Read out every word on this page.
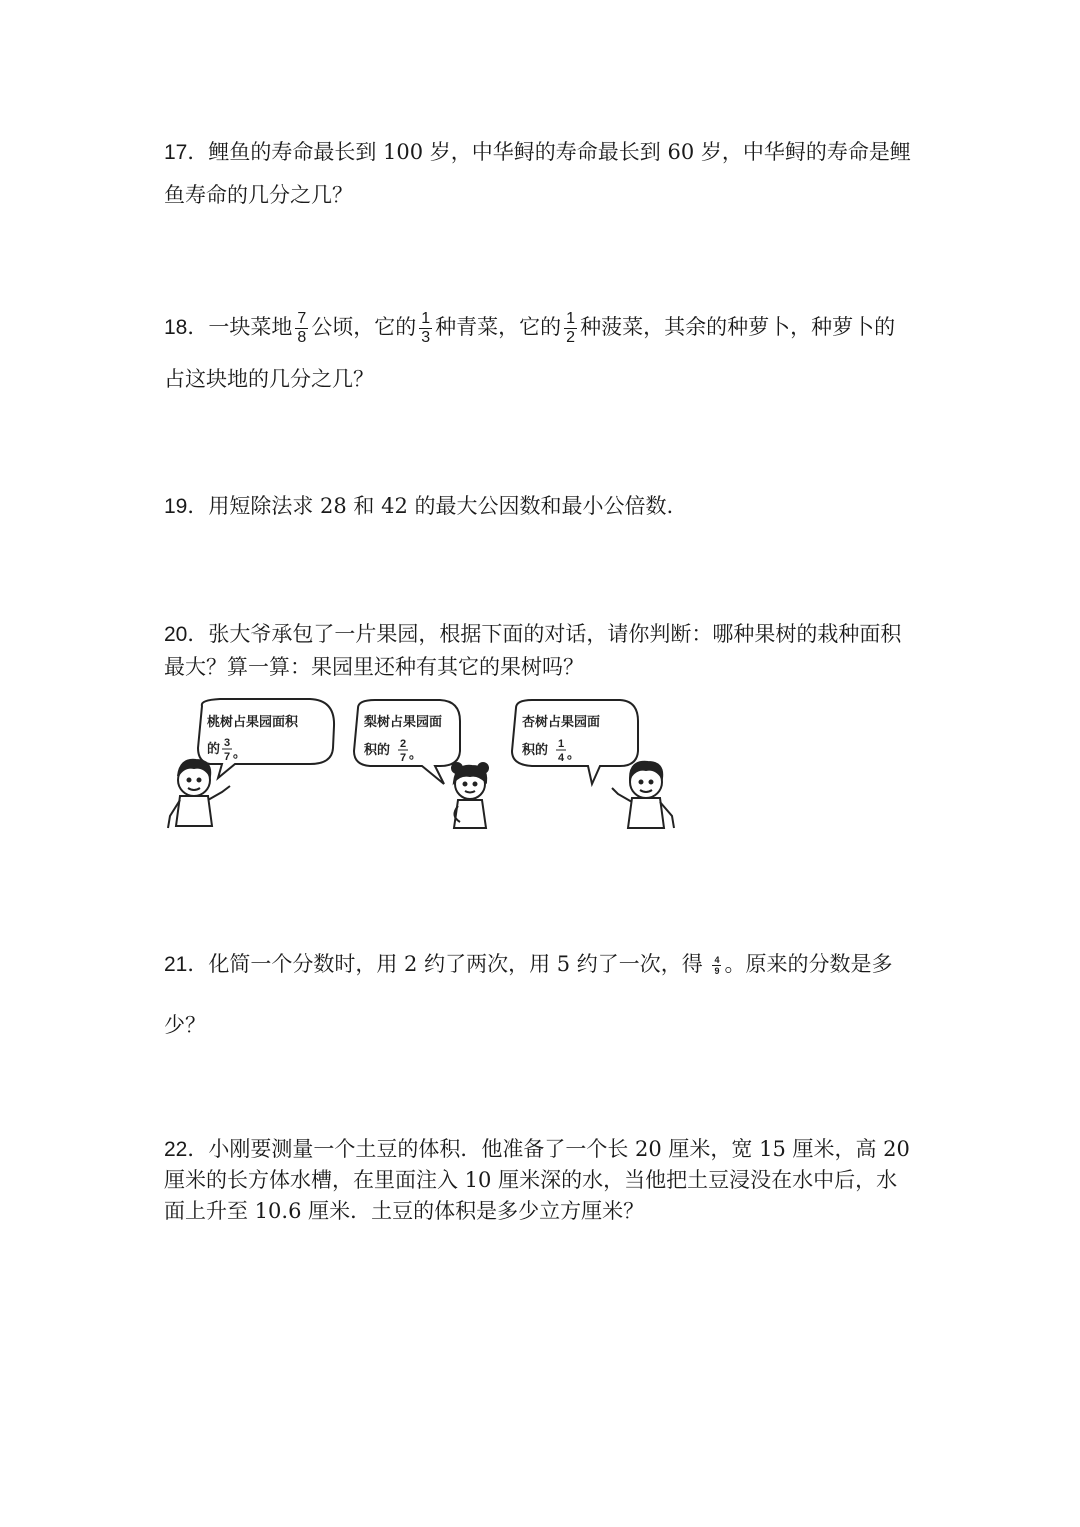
17．鲤鱼的寿命最长到 100 岁，中华鲟的寿命最长到 60 岁，中华鲟的寿命是鲤
鱼寿命的几分之几？
18．一块菜地 $\frac{7}{8}$ 公顷，它的 $\frac{1}{3}$ 种青菜，它的 $\frac{1}{2}$ 种菠菜，其余的种萝卜，种萝卜的
占这块地的几分之几？
19．用短除法求 28 和 42 的最大公因数和最小公倍数.
20．张大爷承包了一片果园，根据下面的对话，请你判断：哪种果树的栽种面积
最大？算一算：果园里还种有其它的果树吗？
桃树占果园面积
的 3
7 。
梨树占果园面
积的 2
7 。
杏树占果园面
积的 1
4 。
21．化简一个分数时，用 2 约了两次，用 5 约了一次，得 $\frac{4}{9}$ 。原来的分数是多
少？
22．小刚要测量一个土豆的体积．他准备了一个长 20 厘米，宽 15 厘米，高 20
厘米的长方体水槽，在里面注入 10 厘米深的水，当他把土豆浸没在水中后，水
面上升至 10.6 厘米．土豆的体积是多少立方厘米？
